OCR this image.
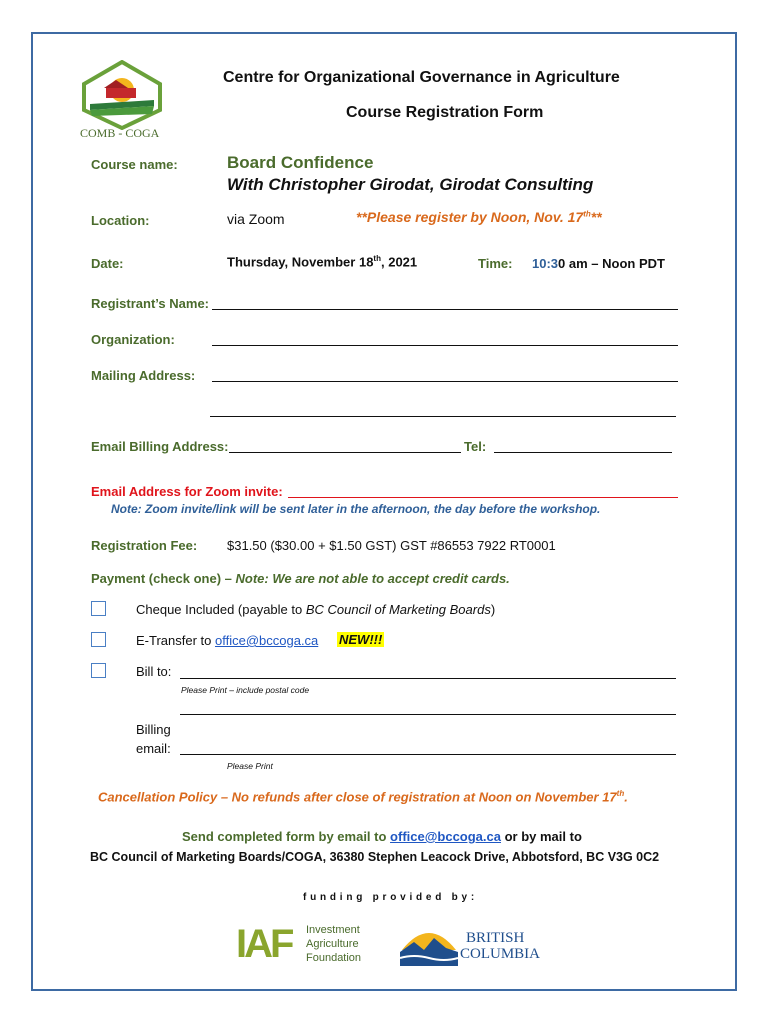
COMB - COGA
Centre for Organizational Governance in Agriculture
Course Registration Form
Course name:	Board Confidence
With Christopher Girodat, Girodat Consulting
Location:	via Zoom	**Please register by Noon, Nov. 17th**
Date:	Thursday, November 18th, 2021	Time: 10:30 am – Noon PDT
Registrant’s Name:
Organization:
Mailing Address:
Email Billing Address:	Tel:
Email Address for Zoom invite:
Note: Zoom invite/link will be sent later in the afternoon, the day before the workshop.
Registration Fee: $31.50 ($30.00 + $1.50 GST) GST #86553 7922 RT0001
Payment (check one) – Note: We are not able to accept credit cards.
Cheque Included (payable to BC Council of Marketing Boards)
E-Transfer to office@bccoga.ca NEW!!!
Bill to:
Please Print – include postal code
Billing
email:
Please Print
Cancellation Policy – No refunds after close of registration at Noon on November 17th.
Send completed form by email to office@bccoga.ca or by mail to
BC Council of Marketing Boards/COGA, 36380 Stephen Leacock Drive, Abbotsford, BC V3G 0C2
f u n d i n g   p r o v i d e d   b y :
IAF Investment
Agriculture
Foundation
BRITISH
COLUMBIA
